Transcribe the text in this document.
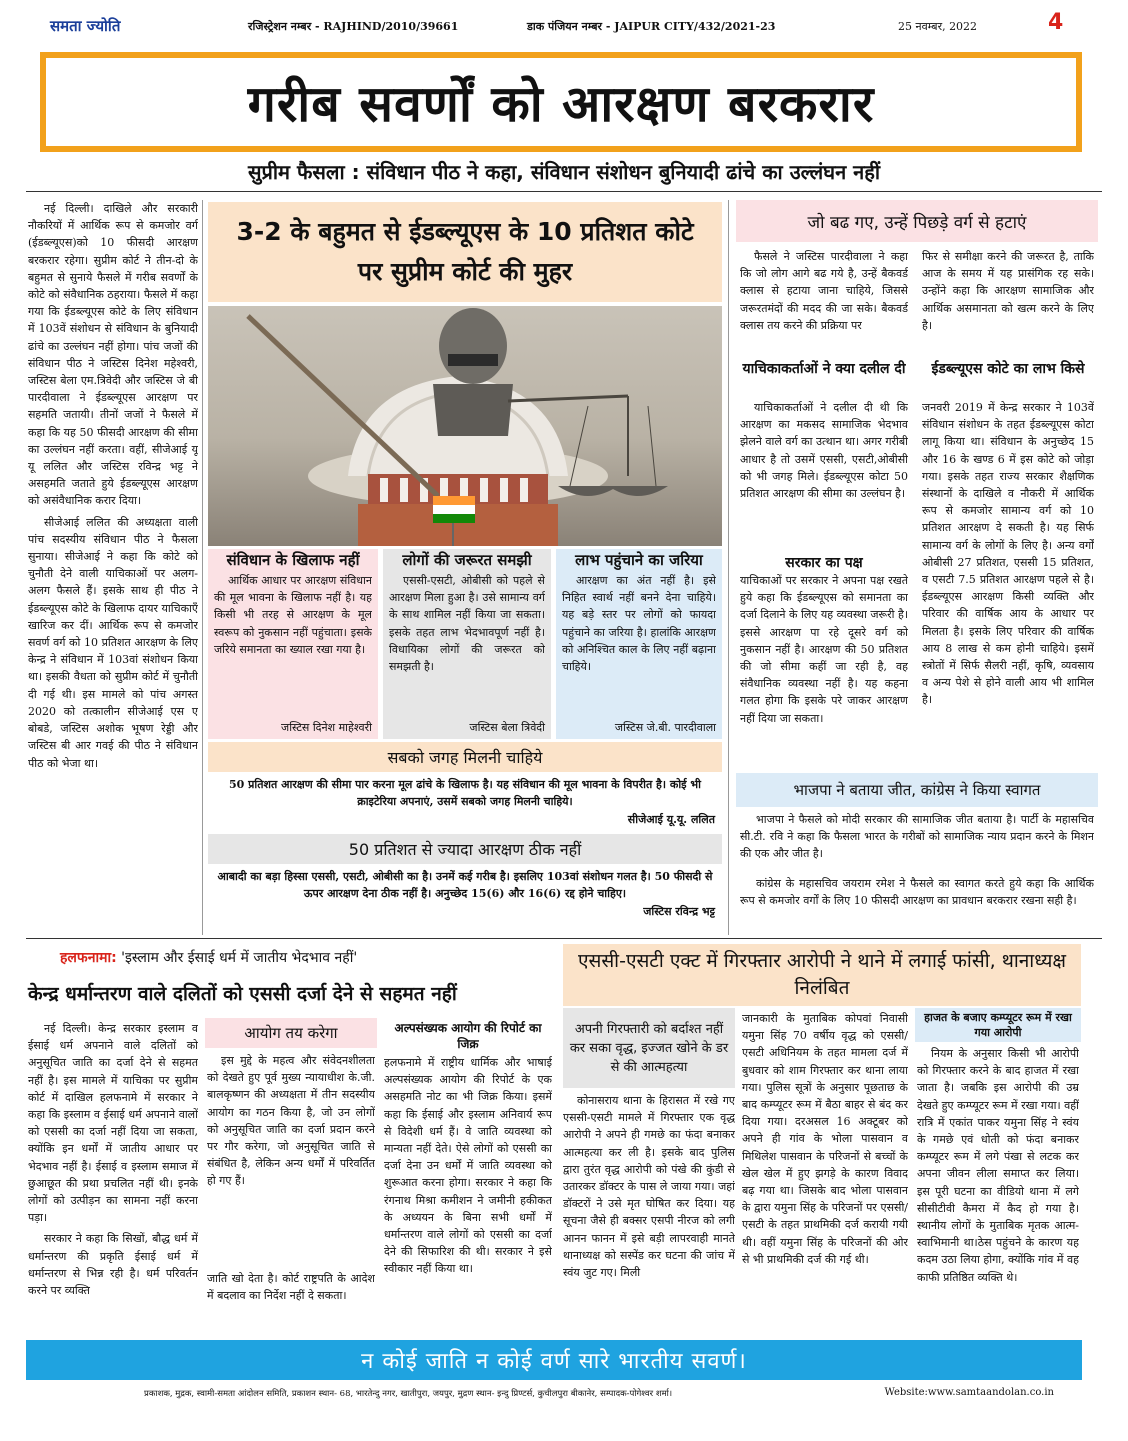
समता ज्योति	रजिस्ट्रेशन नम्बर - RAJHIND/2010/39661	डाक पंजियन नम्बर - JAIPUR CITY/432/2021-23	25 नवम्बर, 2022	4
गरीब सवर्णों को आरक्षण बरकरार
सुप्रीम फैसला : संविधान पीठ ने कहा, संविधान संशोधन बुनियादी ढांचे का उल्लंघन नहीं

नई दिल्ली। दाखिले और सरकारी नौकरियों में आर्थिक रूप से कमजोर वर्ग (ईडब्ल्यूएस)को 10 फीसदी आरक्षण बरकरार रहेगा। सुप्रीम कोर्ट ने तीन-दो के बहुमत से सुनाये फैसले में गरीब सवर्णों के कोटे को संवैधानिक ठहराया। फैसले में कहा गया कि ईडब्ल्यूएस कोटे के लिए संविधान में 103वें संशोधन से संविधान के बुनियादी ढांचे का उल्लंघन नहीं होगा। पांच जजों की संविधान पीठ ने जस्टिस दिनेश महेश्वरी, जस्टिस बेला एम.त्रिवेदी और जस्टिस जे बी पारदीवाला ने ईडब्ल्यूएस आरक्षण पर सहमति जतायी। तीनों जजों ने फैसले में कहा कि यह 50 फीसदी आरक्षण की सीमा का उल्लंघन नहीं करता। वहीं, सीजेआई यू यू ललित और जस्टिस रविन्द्र भट्ट ने असहमति जताते हुये ईडब्ल्यूएस आरक्षण को असंवैधानिक करार दिया।

सीजेआई ललित की अध्यक्षता वाली पांच सदस्यीय संविधान पीठ ने फैसला सुनाया। सीजेआई ने कहा कि कोटे को चुनौती देने वाली याचिकाओं पर अलग-अलग फैसले हैं। इसके साथ ही पीठ ने ईडब्ल्यूएस कोटे के खिलाफ दायर याचिकाएँ खारिज कर दीं। आर्थिक रूप से कमजोर सवर्ण वर्ग को 10 प्रतिशत आरक्षण के लिए केन्द्र ने संविधान में 103वां संशोधन किया था। इसकी वैधता को सुप्रीम कोर्ट में चुनौती दी गई थी। इस मामले को पांच अगस्त 2020 को तत्कालीन सीजेआई एस ए बोबडे, जस्टिस अशोक भूषण रेड्डी और जस्टिस बी आर गवई की पीठ ने संविधान पीठ को भेजा था।

3-2 के बहुमत से ईडब्ल्यूएस के 10 प्रतिशत कोटे पर सुप्रीम कोर्ट की मुहर
संविधान के खिलाफ नहीं
आर्थिक आधार पर आरक्षण संविधान की मूल भावना के खिलाफ नहीं है। यह किसी भी तरह से आरक्षण के मूल स्वरूप को नुकसान नहीं पहुंचाता। इसके जरिये समानता का ख्याल रखा गया है।
जस्टिस दिनेश माहेश्वरी
लोगों की जरूरत समझी
एससी-एसटी, ओबीसी को पहले से आरक्षण मिला हुआ है। उसे सामान्य वर्ग के साथ शामिल नहीं किया जा सकता। इसके तहत लाभ भेदभावपूर्ण नहीं है। विधायिका लोगों की जरूरत को समझती है।
जस्टिस बेला त्रिवेदी
लाभ पहुंचाने का जरिया
आरक्षण का अंत नहीं है। इसे निहित स्वार्थ नहीं बनने देना चाहिये। यह बड़े स्तर पर लोगों को फायदा पहुंचाने का जरिया है। हालांकि आरक्षण को अनिश्चित काल के लिए नहीं बढ़ाना चाहिये।
जस्टिस जे.बी. पारदीवाला
सबको जगह मिलनी चाहिये
50 प्रतिशत आरक्षण की सीमा पार करना मूल ढांचे के खिलाफ है। यह संविधान की मूल भावना के विपरीत है। कोई भी क्राइटेरिया अपनाएं, उसमें सबको जगह मिलनी चाहिये।
सीजेआई यू.यू. ललित
50 प्रतिशत से ज्यादा आरक्षण ठीक नहीं
आबादी का बड़ा हिस्सा एससी, एसटी, ओबीसी का है। उनमें कई गरीब है। इसलिए 103वां संशोधन गलत है। 50 फीसदी से ऊपर आरक्षण देना ठीक नहीं है। अनुच्छेद 15(6) और 16(6) रद्द होने चाहिए।
जस्टिस रविन्द्र भट्ट
जो बढ गए, उन्हें पिछड़े वर्ग से हटाएं
फैसले ने जस्टिस पारदीवाला ने कहा कि जो लोग आगे बढ गये है, उन्हें बैकवर्ड क्लास से हटाया जाना चाहिये, जिससे जरूरतमंदों की मदद की जा सके। बैकवर्ड क्लास तय करने की प्रक्रिया पर
फिर से समीक्षा करने की जरूरत है, ताकि आज के समय में यह प्रासंगिक रह सके। उन्होंने कहा कि आरक्षण सामाजिक और आर्थिक असमानता को खत्म करने के लिए है।
याचिकाकर्ताओं ने क्या दलील दी
याचिकाकर्ताओं ने दलील दी थी कि आरक्षण का मकसद सामाजिक भेदभाव झेलने वाले वर्ग का उत्थान था। अगर गरीबी आधार है तो उसमें एससी, एसटी,ओबीसी को भी जगह मिले। ईडब्ल्यूएस कोटा 50 प्रतिशत आरक्षण की सीमा का उल्लंघन है।
सरकार का पक्ष
याचिकाओं पर सरकार ने अपना पक्ष रखते हुये कहा कि ईडब्ल्यूएस को समानता का दर्जा दिलाने के लिए यह व्यवस्था जरूरी है। इससे आरक्षण पा रहे दूसरे वर्ग को नुकसान नहीं है। आरक्षण की 50 प्रतिशत की जो सीमा कहीं जा रही है, वह संवैधानिक व्यवस्था नहीं है। यह कहना गलत होगा कि इसके परे जाकर आरक्षण नहीं दिया जा सकता।
ईडब्ल्यूएस कोटे का लाभ किसे
जनवरी 2019 में केन्द्र सरकार ने 103वें संविधान संशोधन के तहत ईडब्ल्यूएस कोटा लागू किया था। संविधान के अनुच्छेद 15 और 16 के खण्ड 6 में इस कोटे को जोड़ा गया। इसके तहत राज्य सरकार शैक्षणिक संस्थानों के दाखिले व नौकरी में आर्थिक रूप से कमजोर सामान्य वर्ग को 10 प्रतिशत आरक्षण दे सकती है। यह सिर्फ सामान्य वर्ग के लोगों के लिए है। अन्य वर्गों ओबीसी 27 प्रतिशत, एससी 15 प्रतिशत, व एसटी 7.5 प्रतिशत आरक्षण पहले से है। ईडब्ल्यूएस आरक्षण किसी व्यक्ति और परिवार की वार्षिक आय के आधार पर मिलता है। इसके लिए परिवार की वार्षिक आय 8 लाख से कम होनी चाहिये। इसमें स्त्रोतों में सिर्फ सैलरी नहीं, कृषि, व्यवसाय व अन्य पेशे से होने वाली आय भी शामिल है।
भाजपा ने बताया जीत, कांग्रेस ने किया स्वागत
भाजपा ने फैसले को मोदी सरकार की सामाजिक जीत बताया है। पार्टी के महासचिव सी.टी. रवि ने कहा कि फैसला भारत के गरीबों को सामाजिक न्याय प्रदान करने के मिशन की एक और जीत है।
कांग्रेस के महासचिव जयराम रमेश ने फैसले का स्वागत करते हुये कहा कि आर्थिक रूप से कमजोर वर्गों के लिए 10 फीसदी आरक्षण का प्रावधान बरकरार रखना सही है।
हलफनामा: 'इस्लाम और ईसाई धर्म में जातीय भेदभाव नहीं'
केन्द्र धर्मान्तरण वाले दलितों को एससी दर्जा देने से सहमत नहीं

नई दिल्ली। केन्द्र सरकार इस्लाम व ईसाई धर्म अपनाने वाले दलितों को अनुसूचित जाति का दर्जा देने से सहमत नहीं है। इस मामले में याचिका पर सुप्रीम कोर्ट में दाखिल हलफनामे में सरकार ने कहा कि इस्लाम व ईसाई धर्म अपनाने वालों को एससी का दर्जा नहीं दिया जा सकता, क्योंकि इन धर्मों में जातीय आधार पर भेदभाव नहीं है। ईसाई व इस्लाम समाज में छुआछूत की प्रथा प्रचलित नहीं थी। इनके लोगों को उत्पीड़न का सामना नहीं करना पड़ा।

सरकार ने कहा कि सिखों, बौद्ध धर्म में धर्मान्तरण की प्रकृति ईसाई धर्म में धर्मान्तरण से भिन्न रही है। धर्म परिवर्तन करने पर व्यक्ति

आयोग तय करेगा
इस मुद्दे के महत्व और संवेदनशीलता को देखते हुए पूर्व मुख्य न्यायाधीश के.जी. बालकृष्णन की अध्यक्षता में तीन सदस्यीय आयोग का गठन किया है, जो उन लोगों को अनुसूचित जाति का दर्जा प्रदान करने पर गौर करेगा, जो अनुसूचित जाति से संबंधित है, लेकिन अन्य धर्मों में परिवर्तित हो गए हैं।
जाति खो देता है। कोर्ट राष्ट्रपति के आदेश में बदलाव का निर्देश नहीं दे सकता।
अल्पसंख्यक आयोग की रिपोर्ट का जिक्र
हलफनामे में राष्ट्रीय धार्मिक और भाषाई अल्पसंख्यक आयोग की रिपोर्ट के एक असहमति नोट का भी जिक्र किया। इसमें कहा कि ईसाई और इस्लाम अनिवार्य रूप से विदेशी धर्म हैं। वे जाति व्यवस्था को मान्यता नहीं देते। ऐसे लोगों को एससी का दर्जा देना उन धर्मों में जाति व्यवस्था को शुरूआत करना होगा। सरकार ने कहा कि रंगनाथ मिश्रा कमीशन ने जमीनी हकीकत के अध्ययन के बिना सभी धर्मों में धर्मान्तरण वाले लोगों को एससी का दर्जा देने की सिफारिश की थी। सरकार ने इसे स्वीकार नहीं किया था।
एससी-एसटी एक्ट में गिरफ्तार आरोपी ने थाने में लगाई फांसी, थानाध्यक्ष निलंबित
अपनी गिरफ्तारी को बर्दाश्त नहीं कर सका वृद्ध, इज्जत खोने के डर से की आत्महत्या
कोनासराय थाना के हिरासत में रखे गए एससी-एसटी मामले में गिरफ्तार एक वृद्ध आरोपी ने अपने ही गमछे का फंदा बनाकर आत्महत्या कर ली है। इसके बाद पुलिस द्वारा तुरंत वृद्ध आरोपी को पंखे की कुंडी से उतारकर डॉक्टर के पास ले जाया गया। जहां डॉक्टरों ने उसे मृत घोषित कर दिया। यह सूचना जैसे ही बक्सर एसपी नीरज को लगी आनन फानन में इसे बड़ी लापरवाही मानते थानाध्यक्ष को सस्पेंड कर घटना की जांच में स्वंय जुट गए। मिली
जानकारी के मुताबिक कोपवां निवासी यमुना सिंह 70 वर्षीय वृद्ध को एससी/एसटी अधिनियम के तहत मामला दर्ज में बुधवार को शाम गिरफ्तार कर थाना लाया गया। पुलिस सूत्रों के अनुसार पूछताछ के बाद कम्प्यूटर रूम में बैठा बाहर से बंद कर दिया गया। दरअसल 16 अक्टूबर को अपने ही गांव के भोला पासवान व मिथिलेश पासवान के परिजनों से बच्चों के खेल खेल में हुए झगड़े के कारण विवाद बढ़ गया था। जिसके बाद भोला पासवान के द्वारा यमुना सिंह के परिजनों पर एससी/एसटी के तहत प्राथमिकी दर्ज करायी गयी थी। वहीं यमुना सिंह के परिजनों की ओर से भी प्राथमिकी दर्ज की गई थी।
हाजत के बजाए कम्प्यूटर रूम में रखा गया आरोपी
नियम के अनुसार किसी भी आरोपी को गिरफ्तार करने के बाद हाजत में रखा जाता है। जबकि इस आरोपी की उम्र देखते हुए कम्प्यूटर रूम में रखा गया। वहीं रात्रि में एकांत पाकर यमुना सिंह ने स्वंय के गमछे एवं धोती को फंदा बनाकर कम्प्यूटर रूम में लगे पंखा से लटक कर अपना जीवन लीला समाप्त कर लिया। इस पूरी घटना का वीडियो थाना में लगे सीसीटीवी कैमरा में कैद हो गया है। स्थानीय लोगों के मुताबिक मृतक आत्म-स्वाभिमानी था।ठेस पहुंचने के कारण यह कदम उठा लिया होगा, क्योंकि गांव में वह काफी प्रतिष्ठित व्यक्ति थे।
न कोई जाति न कोई वर्ण सारे भारतीय सवर्ण।
प्रकाशक, मुद्रक, स्वामी-समता आंदोलन समिति, प्रकाशन स्थान- 68, भारतेन्दु नगर, खातीपुरा, जयपुर, मुद्रण स्थान- इन्दु प्रिण्टर्स, कुचीलपुरा बीकानेर, सम्पादक-पोगेश्वर शर्मा।	Website:www.samtaandolan.co.in
